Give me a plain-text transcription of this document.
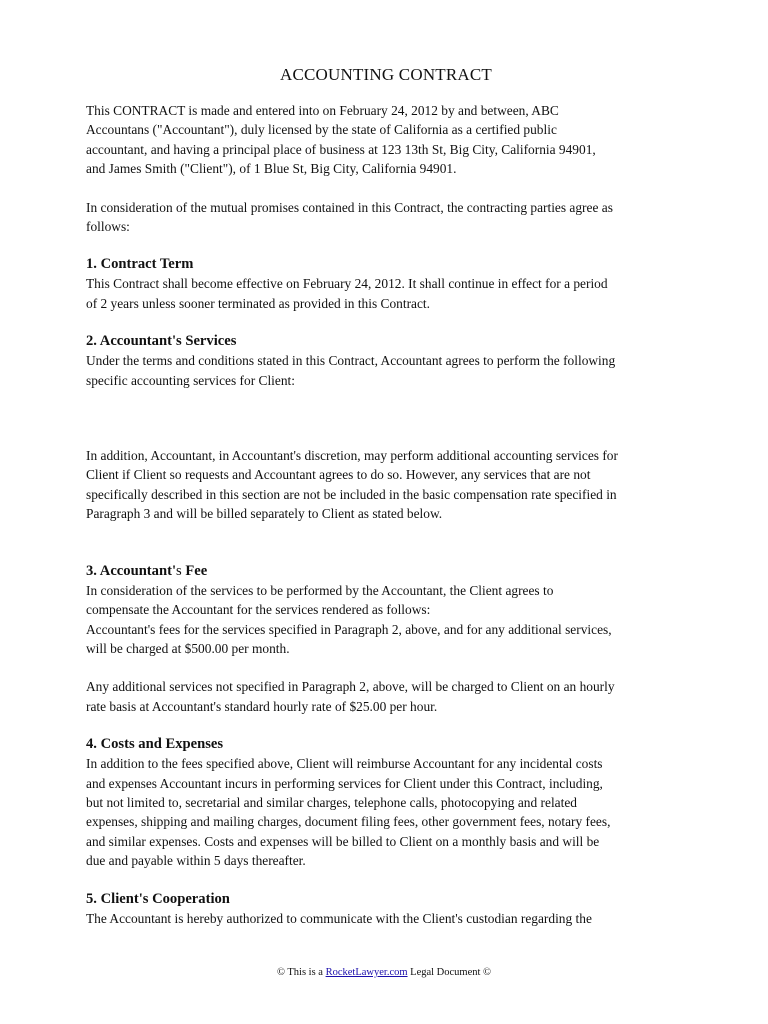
ACCOUNTING CONTRACT

This CONTRACT is made and entered into on February 24, 2012 by and between, ABC

Accountans ("Accountant"), duly licensed by the state of California as a certified public

accountant, and having a principal place of business at 123 13th St, Big City, California 94901,

and James Smith ("Client"), of 1 Blue St, Big City, California 94901.

In consideration of the mutual promises contained in this Contract, the contracting parties agree as

follows:

1. Contract Term

This Contract shall become effective on February 24, 2012. It shall continue in effect for a period

of 2 years unless sooner terminated as provided in this Contract.

2. Accountant's Services

Under the terms and conditions stated in this Contract, Accountant agrees to perform the following

specific accounting services for Client:

In addition, Accountant, in Accountant's discretion, may perform additional accounting services for

Client if Client so requests and Accountant agrees to do so. However, any services that are not

specifically described in this section are not be included in the basic compensation rate specified in

Paragraph 3 and will be billed separately to Client as stated below.

3. Accountant's Fee

In consideration of the services to be performed by the Accountant, the Client agrees to

compensate the Accountant for the services rendered as follows:

Accountant's fees for the services specified in Paragraph 2, above, and for any additional services,

will be charged at $500.00 per month.

Any additional services not specified in Paragraph 2, above, will be charged to Client on an hourly

rate basis at Accountant's standard hourly rate of $25.00 per hour.

4. Costs and Expenses

In addition to the fees specified above, Client will reimburse Accountant for any incidental costs

and expenses Accountant incurs in performing services for Client under this Contract, including,

but not limited to, secretarial and similar charges, telephone calls, photocopying and related

expenses, shipping and mailing charges, document filing fees, other government fees, notary fees,

and similar expenses. Costs and expenses will be billed to Client on a monthly basis and will be

due and payable within 5 days thereafter.

5. Client's Cooperation

The Accountant is hereby authorized to communicate with the Client's custodian regarding the

© This is a RocketLawyer.com Legal Document ©
